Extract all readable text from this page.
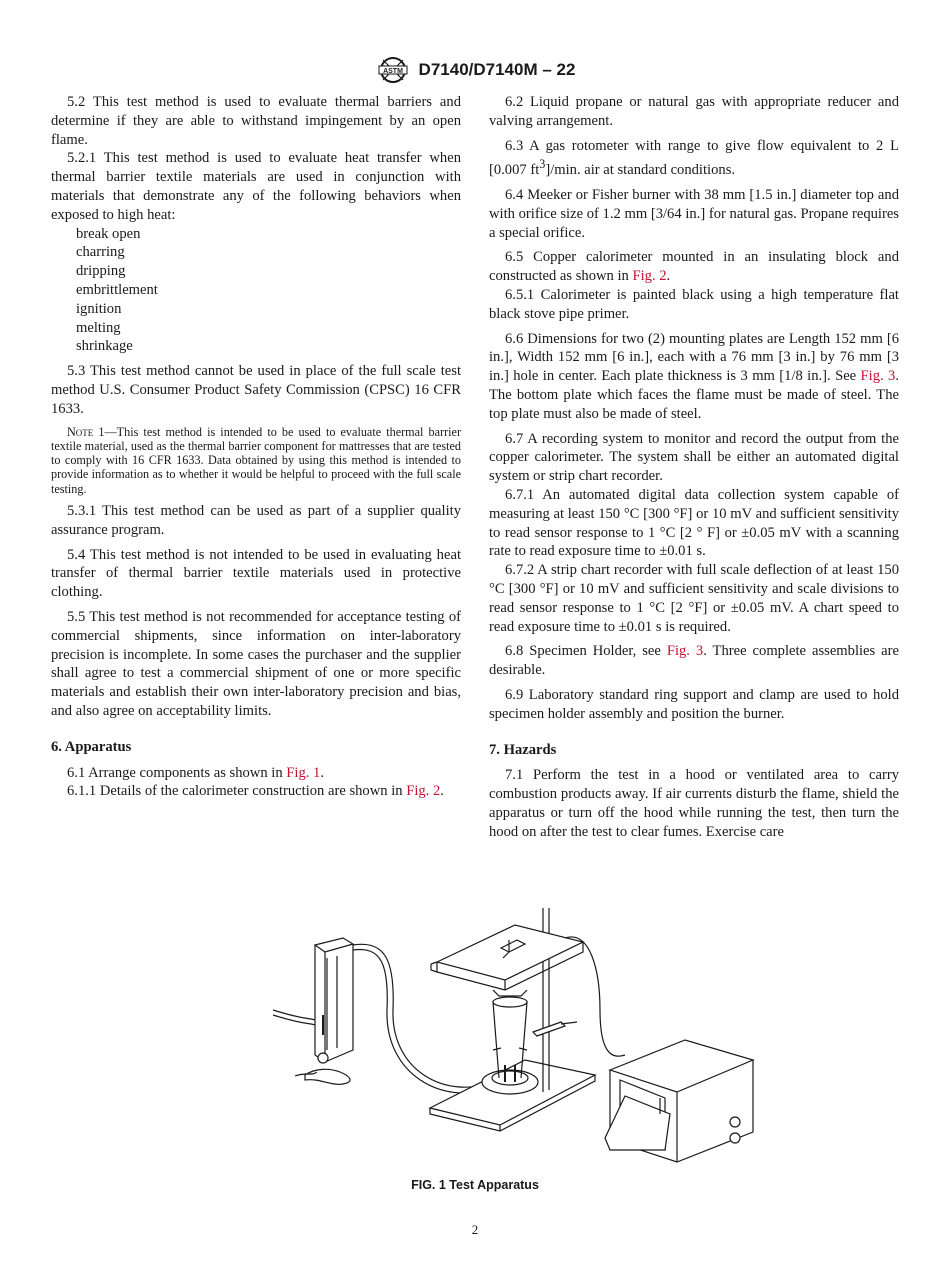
ASTM D7140/D7140M – 22

5.2 This test method is used to evaluate thermal barriers and determine if they are able to withstand impingement by an open flame.

5.2.1 This test method is used to evaluate heat transfer when thermal barrier textile materials are used in conjunction with materials that demonstrate any of the following behaviors when exposed to high heat:

break open
charring
dripping
embrittlement
ignition
melting
shrinkage

5.3 This test method cannot be used in place of the full scale test method U.S. Consumer Product Safety Commission (CPSC) 16 CFR 1633.

Note 1—This test method is intended to be used to evaluate thermal barrier textile material, used as the thermal barrier component for mattresses that are tested to comply with 16 CFR 1633. Data obtained by using this method is intended to provide information as to whether it would be helpful to proceed with the full scale testing.

5.3.1 This test method can be used as part of a supplier quality assurance program.

5.4 This test method is not intended to be used in evaluating heat transfer of thermal barrier textile materials used in protective clothing.

5.5 This test method is not recommended for acceptance testing of commercial shipments, since information on inter-laboratory precision is incomplete. In some cases the purchaser and the supplier shall agree to test a commercial shipment of one or more specific materials and establish their own inter-laboratory precision and bias, and also agree on acceptability limits.

6. Apparatus

6.1 Arrange components as shown in Fig. 1.

6.1.1 Details of the calorimeter construction are shown in Fig. 2.

6.2 Liquid propane or natural gas with appropriate reducer and valving arrangement.

6.3 A gas rotometer with range to give flow equivalent to 2 L [0.007 $ft^3]/\min$. air at standard conditions.

6.4 Meeker or Fisher burner with 38 mm [1.5 in.] diameter top and with orifice size of 1.2 mm [3/64 in.] for natural gas. Propane requires a special orifice.

6.5 Copper calorimeter mounted in an insulating block and constructed as shown in Fig. 2.

6.5.1 Calorimeter is painted black using a high temperature flat black stove pipe primer.

6.6 Dimensions for two (2) mounting plates are Length 152 mm [6 in.], Width 152 mm [6 in.], each with a 76 mm [3 in.] by 76 mm [3 in.] hole in center. Each plate thickness is 3 mm [1/8 in.]. See Fig. 3. The bottom plate which faces the flame must be made of steel. The top plate must also be made of steel.

6.7 A recording system to monitor and record the output from the copper calorimeter. The system shall be either an automated digital system or strip chart recorder.

6.7.1 An automated digital data collection system capable of measuring at least 150 °C [300 °F] or 10 mV and sufficient sensitivity to read sensor response to 1 °C [2 ° F] or ±0.05 mV with a scanning rate to read exposure time to ±0.01 s.

6.7.2 A strip chart recorder with full scale deflection of at least 150 °C [300 °F] or 10 mV and sufficient sensitivity and scale divisions to read sensor response to 1 °C [2 °F] or ±0.05 mV. A chart speed to read exposure time to ±0.01 s is required.

6.8 Specimen Holder, see Fig. 3. Three complete assemblies are desirable.

6.9 Laboratory standard ring support and clamp are used to hold specimen holder assembly and position the burner.

7. Hazards

7.1 Perform the test in a hood or ventilated area to carry combustion products away. If air currents disturb the flame, shield the apparatus or turn off the hood while running the test, then turn the hood on after the test to clear fumes. Exercise care

FIG. 1 Test Apparatus
2
